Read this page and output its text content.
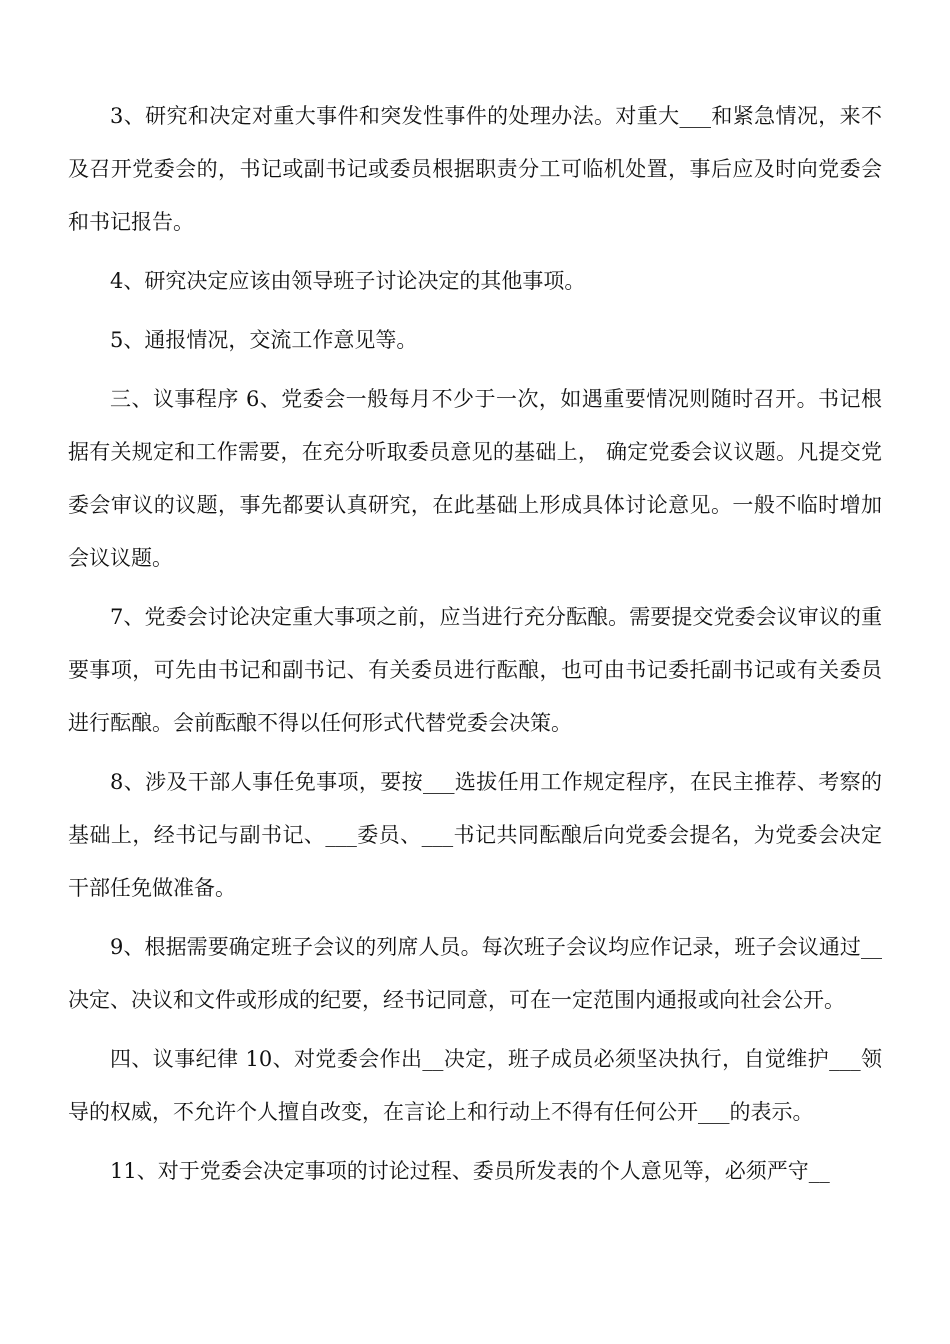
3、研究和决定对重大事件和突发性事件的处理办法。对重大___和紧急情况，来不及召开党委会的，书记或副书记或委员根据职责分工可临机处置，事后应及时向党委会和书记报告。

4、研究决定应该由领导班子讨论决定的其他事项。

5、通报情况，交流工作意见等。

三、议事程序 6、党委会一般每月不少于一次，如遇重要情况则随时召开。书记根据有关规定和工作需要，在充分听取委员意见的基础上， 确定党委会议议题。凡提交党委会审议的议题，事先都要认真研究，在此基础上形成具体讨论意见。一般不临时增加会议议题。

7、党委会讨论决定重大事项之前，应当进行充分酝酿。需要提交党委会议审议的重要事项，可先由书记和副书记、有关委员进行酝酿，也可由书记委托副书记或有关委员进行酝酿。会前酝酿不得以任何形式代替党委会决策。

8、涉及干部人事任免事项，要按___选拔任用工作规定程序，在民主推荐、考察的基础上，经书记与副书记、___委员、___书记共同酝酿后向党委会提名，为党委会决定干部任免做准备。

9、根据需要确定班子会议的列席人员。每次班子会议均应作记录，班子会议通过__决定、决议和文件或形成的纪要，经书记同意，可在一定范围内通报或向社会公开。

四、议事纪律 10、对党委会作出__决定，班子成员必须坚决执行，自觉维护___领导的权威，不允许个人擅自改变，在言论上和行动上不得有任何公开___的表示。

11、对于党委会决定事项的讨论过程、委员所发表的个人意见等，必须严守__
